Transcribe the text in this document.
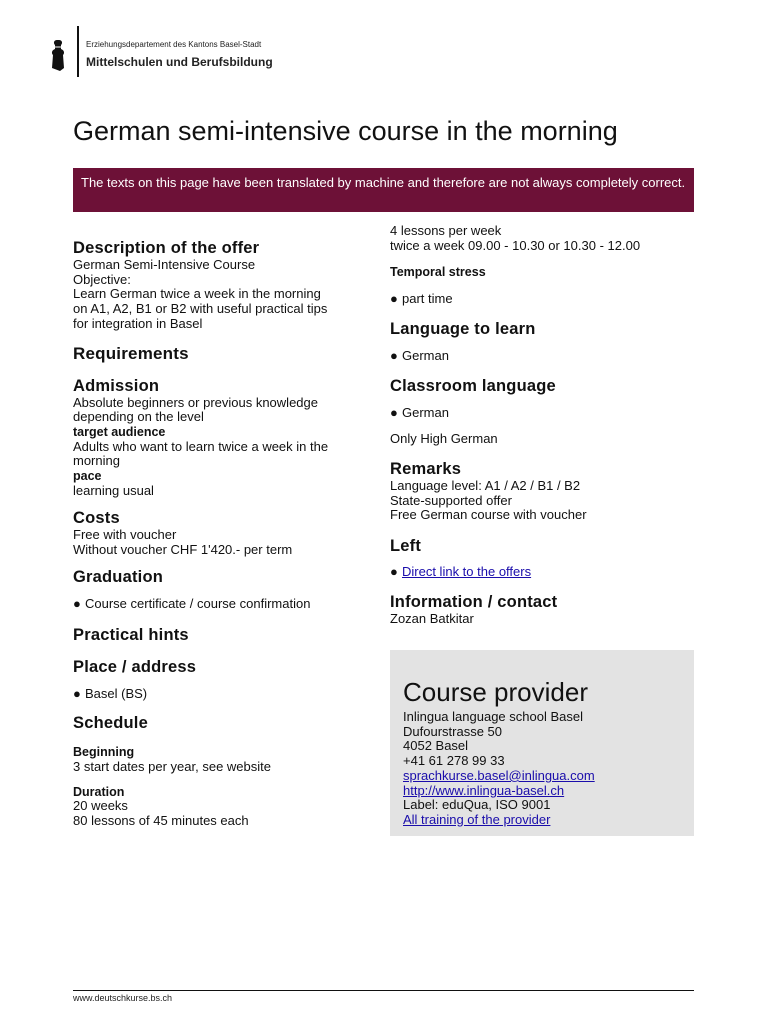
Erziehungsdepartement des Kantons Basel-Stadt
Mittelschulen und Berufsbildung
German semi-intensive course in the morning
The texts on this page have been translated by machine and therefore are not always completely correct.
Description of the offer

German Semi-Intensive Course

Objective:

Learn German twice a week in the morning

on A1, A2, B1 or B2 with useful practical tips

for integration in Basel

Requirements
Admission

Absolute beginners or previous knowledge

depending on the level

target audience

Adults who want to learn twice a week in the

morning

pace

learning usual

Costs

Free with voucher

Without voucher CHF 1'420.- per term

Graduation

● Course certificate / course confirmation

Practical hints
Place / address

● Basel (BS)

Schedule

Beginning

3 start dates per year, see website

Duration

20 weeks

80 lessons of 45 minutes each

4 lessons per week

twice a week 09.00 - 10.30 or 10.30 - 12.00

Temporal stress

● part time

Language to learn

● German

Classroom language

● German

Only High German

Remarks

Language level: A1 / A2 / B1 / B2

State-supported offer

Free German course with voucher

Left

● Direct link to the offers

Information / contact

Zozan Batkitar

Course provider

Inlingua language school Basel

Dufourstrasse 50

4052 Basel

+41 61 278 99 33

sprachkurse.basel@inlingua.com

http://www.inlingua-basel.ch

Label: eduQua, ISO 9001

All training of the provider

www.deutschkurse.bs.ch
